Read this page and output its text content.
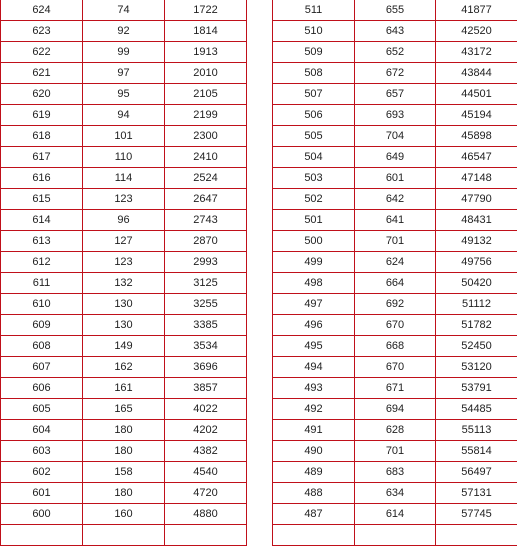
624	74	1722
623	92	1814
622	99	1913
621	97	2010
620	95	2105
619	94	2199
618	101	2300
617	110	2410
616	114	2524
615	123	2647
614	96	2743
613	127	2870
612	123	2993
611	132	3125
610	130	3255
609	130	3385
608	149	3534
607	162	3696
606	161	3857
605	165	4022
604	180	4202
603	180	4382
602	158	4540
601	180	4720
600	160	4880

511	655	41877
510	643	42520
509	652	43172
508	672	43844
507	657	44501
506	693	45194
505	704	45898
504	649	46547
503	601	47148
502	642	47790
501	641	48431
500	701	49132
499	624	49756
498	664	50420
497	692	51112
496	670	51782
495	668	52450
494	670	53120
493	671	53791
492	694	54485
491	628	55113
490	701	55814
489	683	56497
488	634	57131
487	614	57745
